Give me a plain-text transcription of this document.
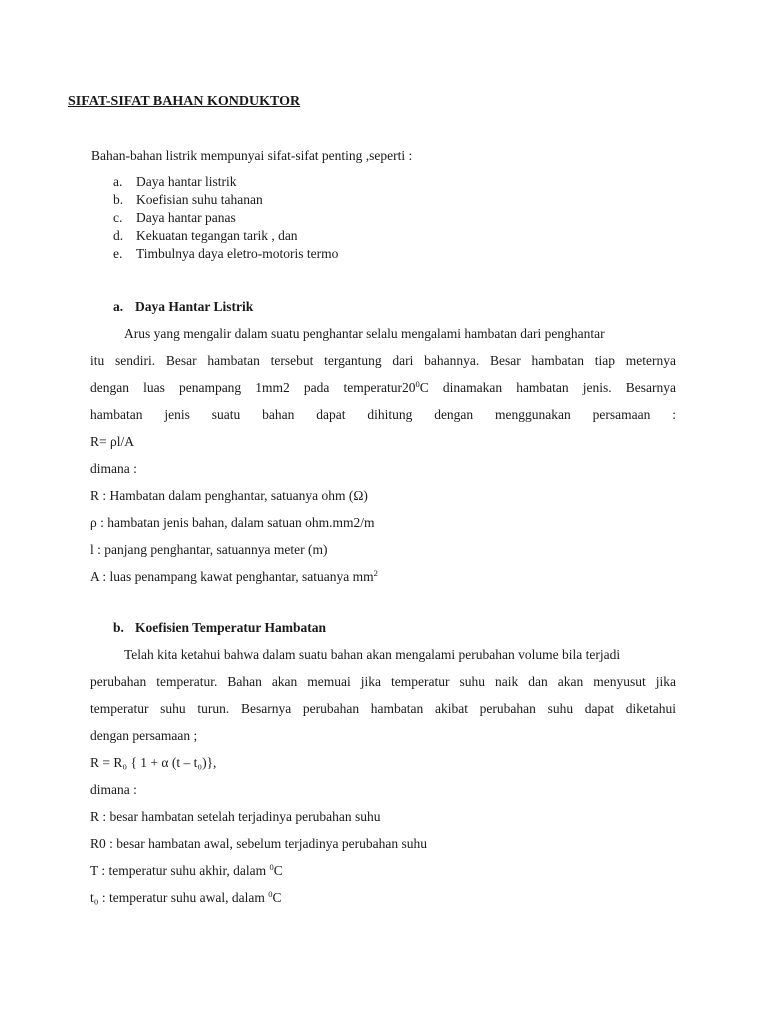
SIFAT-SIFAT BAHAN KONDUKTOR
Bahan-bahan listrik mempunyai sifat-sifat penting ,seperti :
a.	Daya hantar listrik
b. Koefisian suhu tahanan
c.	Daya hantar panas
d. Kekuatan tegangan tarik , dan
e.	Timbulnya daya eletro-motoris termo
a. Daya Hantar Listrik
Arus yang mengalir dalam suatu penghantar selalu mengalami hambatan dari penghantar
itu sendiri. Besar hambatan tersebut tergantung dari bahannya. Besar hambatan tiap meternya
dengan luas penampang 1mm2 pada $temperatur20^0C$ dinamakan hambatan jenis. Besarnya
hambatan jenis suatu bahan dapat dihitung dengan menggunakan persamaan :
R= ρl/A
dimana :
R : Hambatan dalam penghantar, satuanya ohm (Ω)
ρ : hambatan jenis bahan, dalam satuan ohm.mm2/m
l : panjang penghantar, satuannya meter (m)
A : luas penampang kawat penghantar, satuanya $mm^2$
b. Koefisien Temperatur Hambatan
Telah kita ketahui bahwa dalam suatu bahan akan mengalami perubahan volume bila terjadi
perubahan temperatur. Bahan akan memuai jika temperatur suhu naik dan akan menyusut jika
temperatur suhu turun. Besarnya perubahan hambatan akibat perubahan suhu dapat diketahui
dengan persamaan ;
R = R₀ { 1 + α (t – t₀)},
dimana :
R : besar hambatan setelah terjadinya perubahan suhu
R0 : besar hambatan awal, sebelum terjadinya perubahan suhu
T : temperatur suhu akhir, dalam $^0$C
t₀ : temperatur suhu awal, dalam $^0$C
